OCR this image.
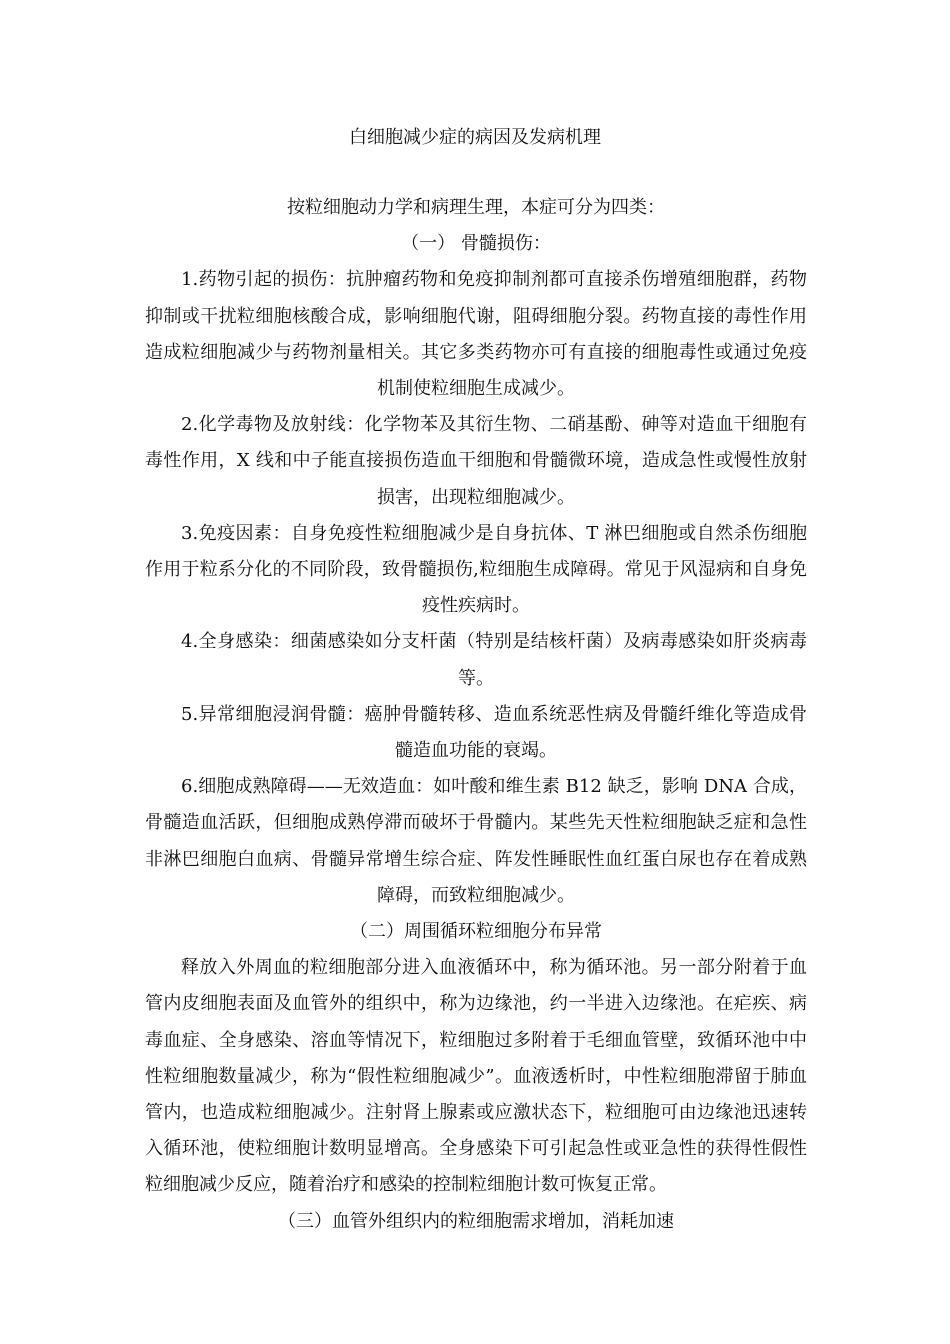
白细胞减少症的病因及发病机理

按粒细胞动力学和病理生理，本症可分为四类：

（一） 骨髓损伤：

1.药物引起的损伤：抗肿瘤药物和免疫抑制剂都可直接杀伤增殖细胞群，药物抑制或干扰粒细胞核酸合成，影响细胞代谢，阻碍细胞分裂。药物直接的毒性作用造成粒细胞减少与药物剂量相关。其它多类药物亦可有直接的细胞毒性或通过免疫机制使粒细胞生成减少。

2.化学毒物及放射线：化学物苯及其衍生物、二硝基酚、砷等对造血干细胞有毒性作用，X 线和中子能直接损伤造血干细胞和骨髓微环境，造成急性或慢性放射损害，出现粒细胞减少。

3.免疫因素：自身免疫性粒细胞减少是自身抗体、T 淋巴细胞或自然杀伤细胞作用于粒系分化的不同阶段，致骨髓损伤,粒细胞生成障碍。常见于风湿病和自身免疫性疾病时。

4.全身感染：细菌感染如分支杆菌（特别是结核杆菌）及病毒感染如肝炎病毒等。

5.异常细胞浸润骨髓：癌肿骨髓转移、造血系统恶性病及骨髓纤维化等造成骨髓造血功能的衰竭。

6.细胞成熟障碍——无效造血：如叶酸和维生素 B12 缺乏，影响 DNA 合成，骨髓造血活跃，但细胞成熟停滞而破坏于骨髓内。某些先天性粒细胞缺乏症和急性非淋巴细胞白血病、骨髓异常增生综合症、阵发性睡眠性血红蛋白尿也存在着成熟障碍，而致粒细胞减少。

（二）周围循环粒细胞分布异常

释放入外周血的粒细胞部分进入血液循环中，称为循环池。另一部分附着于血管内皮细胞表面及血管外的组织中，称为边缘池，约一半进入边缘池。在疟疾、病毒血症、全身感染、溶血等情况下，粒细胞过多附着于毛细血管壁，致循环池中中性粒细胞数量减少，称为“假性粒细胞减少”。血液透析时，中性粒细胞滞留于肺血管内，也造成粒细胞减少。注射肾上腺素或应激状态下，粒细胞可由边缘池迅速转入循环池，使粒细胞计数明显增高。全身感染下可引起急性或亚急性的获得性假性粒细胞减少反应，随着治疗和感染的控制粒细胞计数可恢复正常。

（三）血管外组织内的粒细胞需求增加，消耗加速
